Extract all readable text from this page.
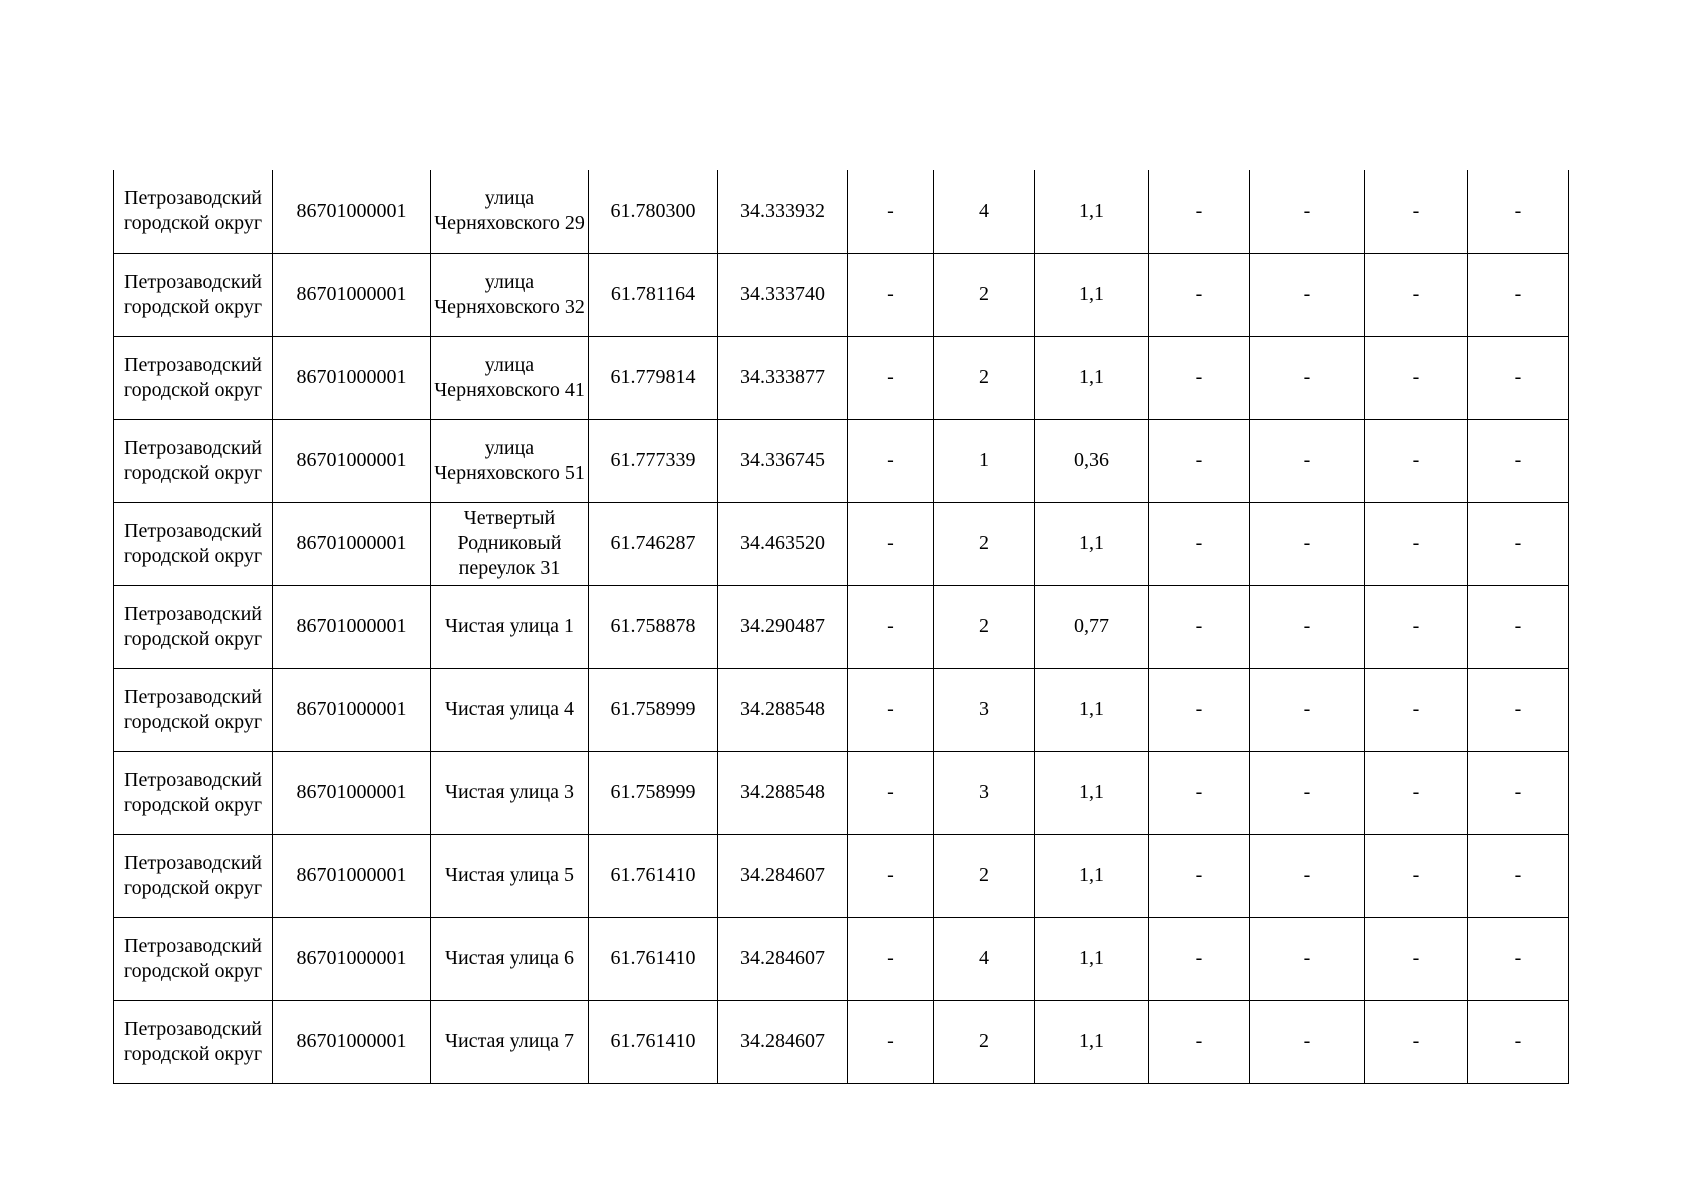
Петрозаводский городской округ	86701000001	улица Черняховского 29	61.780300	34.333932	-	4	1,1	-	-	-	-
Петрозаводский городской округ	86701000001	улица Черняховского 32	61.781164	34.333740	-	2	1,1	-	-	-	-
Петрозаводский городской округ	86701000001	улица Черняховского 41	61.779814	34.333877	-	2	1,1	-	-	-	-
Петрозаводский городской округ	86701000001	улица Черняховского 51	61.777339	34.336745	-	1	0,36	-	-	-	-
Петрозаводский городской округ	86701000001	Четвертый Родниковый переулок 31	61.746287	34.463520	-	2	1,1	-	-	-	-
Петрозаводский городской округ	86701000001	Чистая улица 1	61.758878	34.290487	-	2	0,77	-	-	-	-
Петрозаводский городской округ	86701000001	Чистая улица 4	61.758999	34.288548	-	3	1,1	-	-	-	-
Петрозаводский городской округ	86701000001	Чистая улица 3	61.758999	34.288548	-	3	1,1	-	-	-	-
Петрозаводский городской округ	86701000001	Чистая улица 5	61.761410	34.284607	-	2	1,1	-	-	-	-
Петрозаводский городской округ	86701000001	Чистая улица 6	61.761410	34.284607	-	4	1,1	-	-	-	-
Петрозаводский городской округ	86701000001	Чистая улица 7	61.761410	34.284607	-	2	1,1	-	-	-	-
